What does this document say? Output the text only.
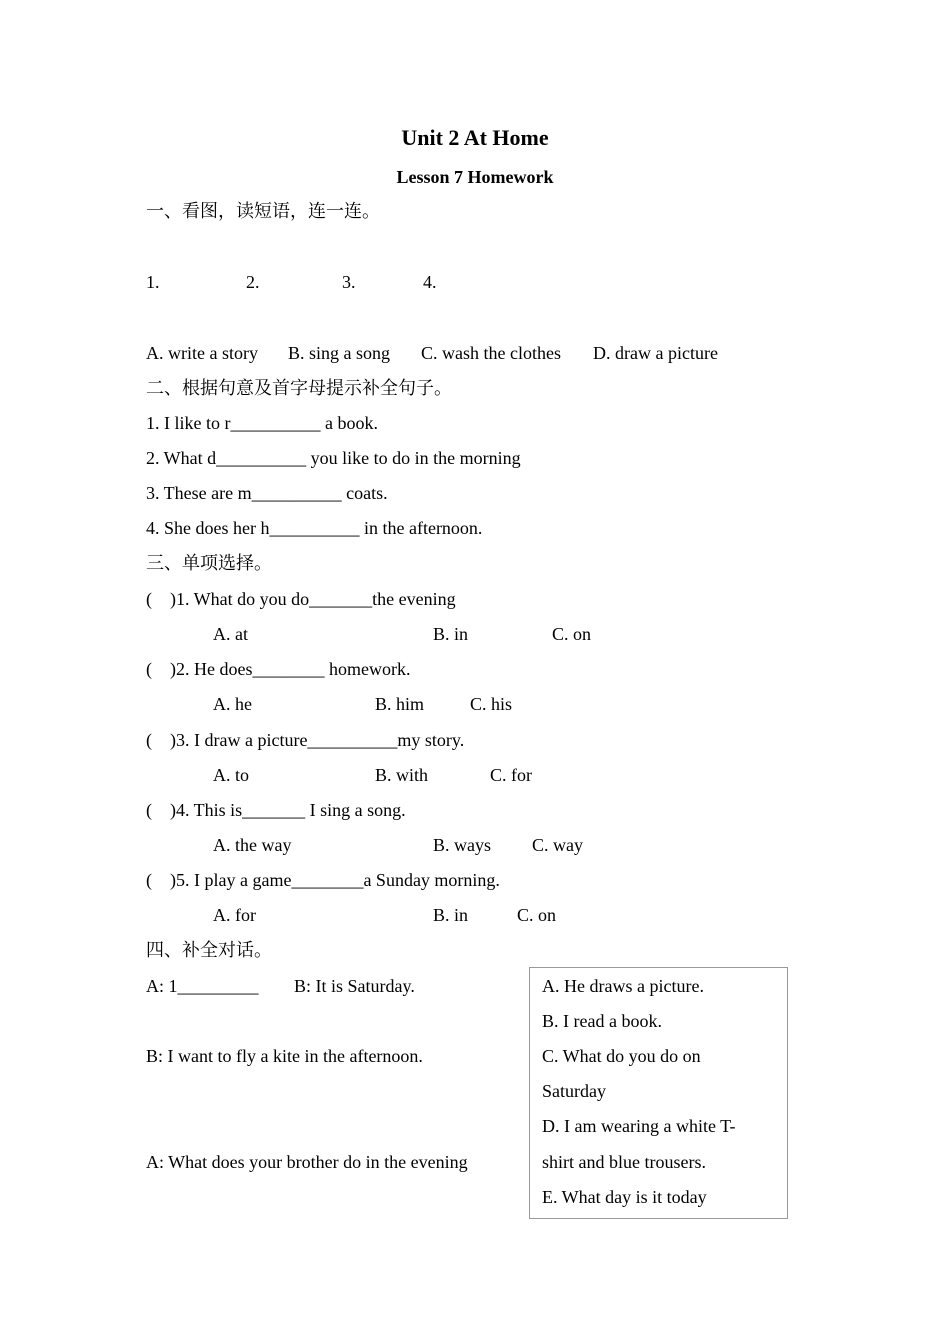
Unit 2 At Home
Lesson 7 Homework
一、看图，读短语，连一连。
1.	2.	3.	4.
A. write a story B. sing a song C. wash the clothes D. draw a picture
二、根据句意及首字母提示补全句子。
1. I like to r__________ a book.
2. What d__________ you like to do in the morning
3. These are m__________ coats.
4. She does her h__________ in the afternoon.
三、单项选择。
(    )1. What do you do_______the evening
A. at	B. in	C. on
(    )2. He does________ homework.
A. he	B. him	C. his
(    )3. I draw a picture__________my story.
A. to	B. with	C. for
(    )4. This is_______ I sing a song.
A. the way	B. ways C. way
(    )5. I play a game________a Sunday morning.
A. for	B. in	C. on
四、补全对话。
A: 1_________ B: It is Saturday.
B: I want to fly a kite in the afternoon.
A: What does your brother do in the evening
A. He draws a picture.
B. I read a book.
C. What do you do on
Saturday
D. I am wearing a white T-
shirt and blue trousers.
E. What day is it today
